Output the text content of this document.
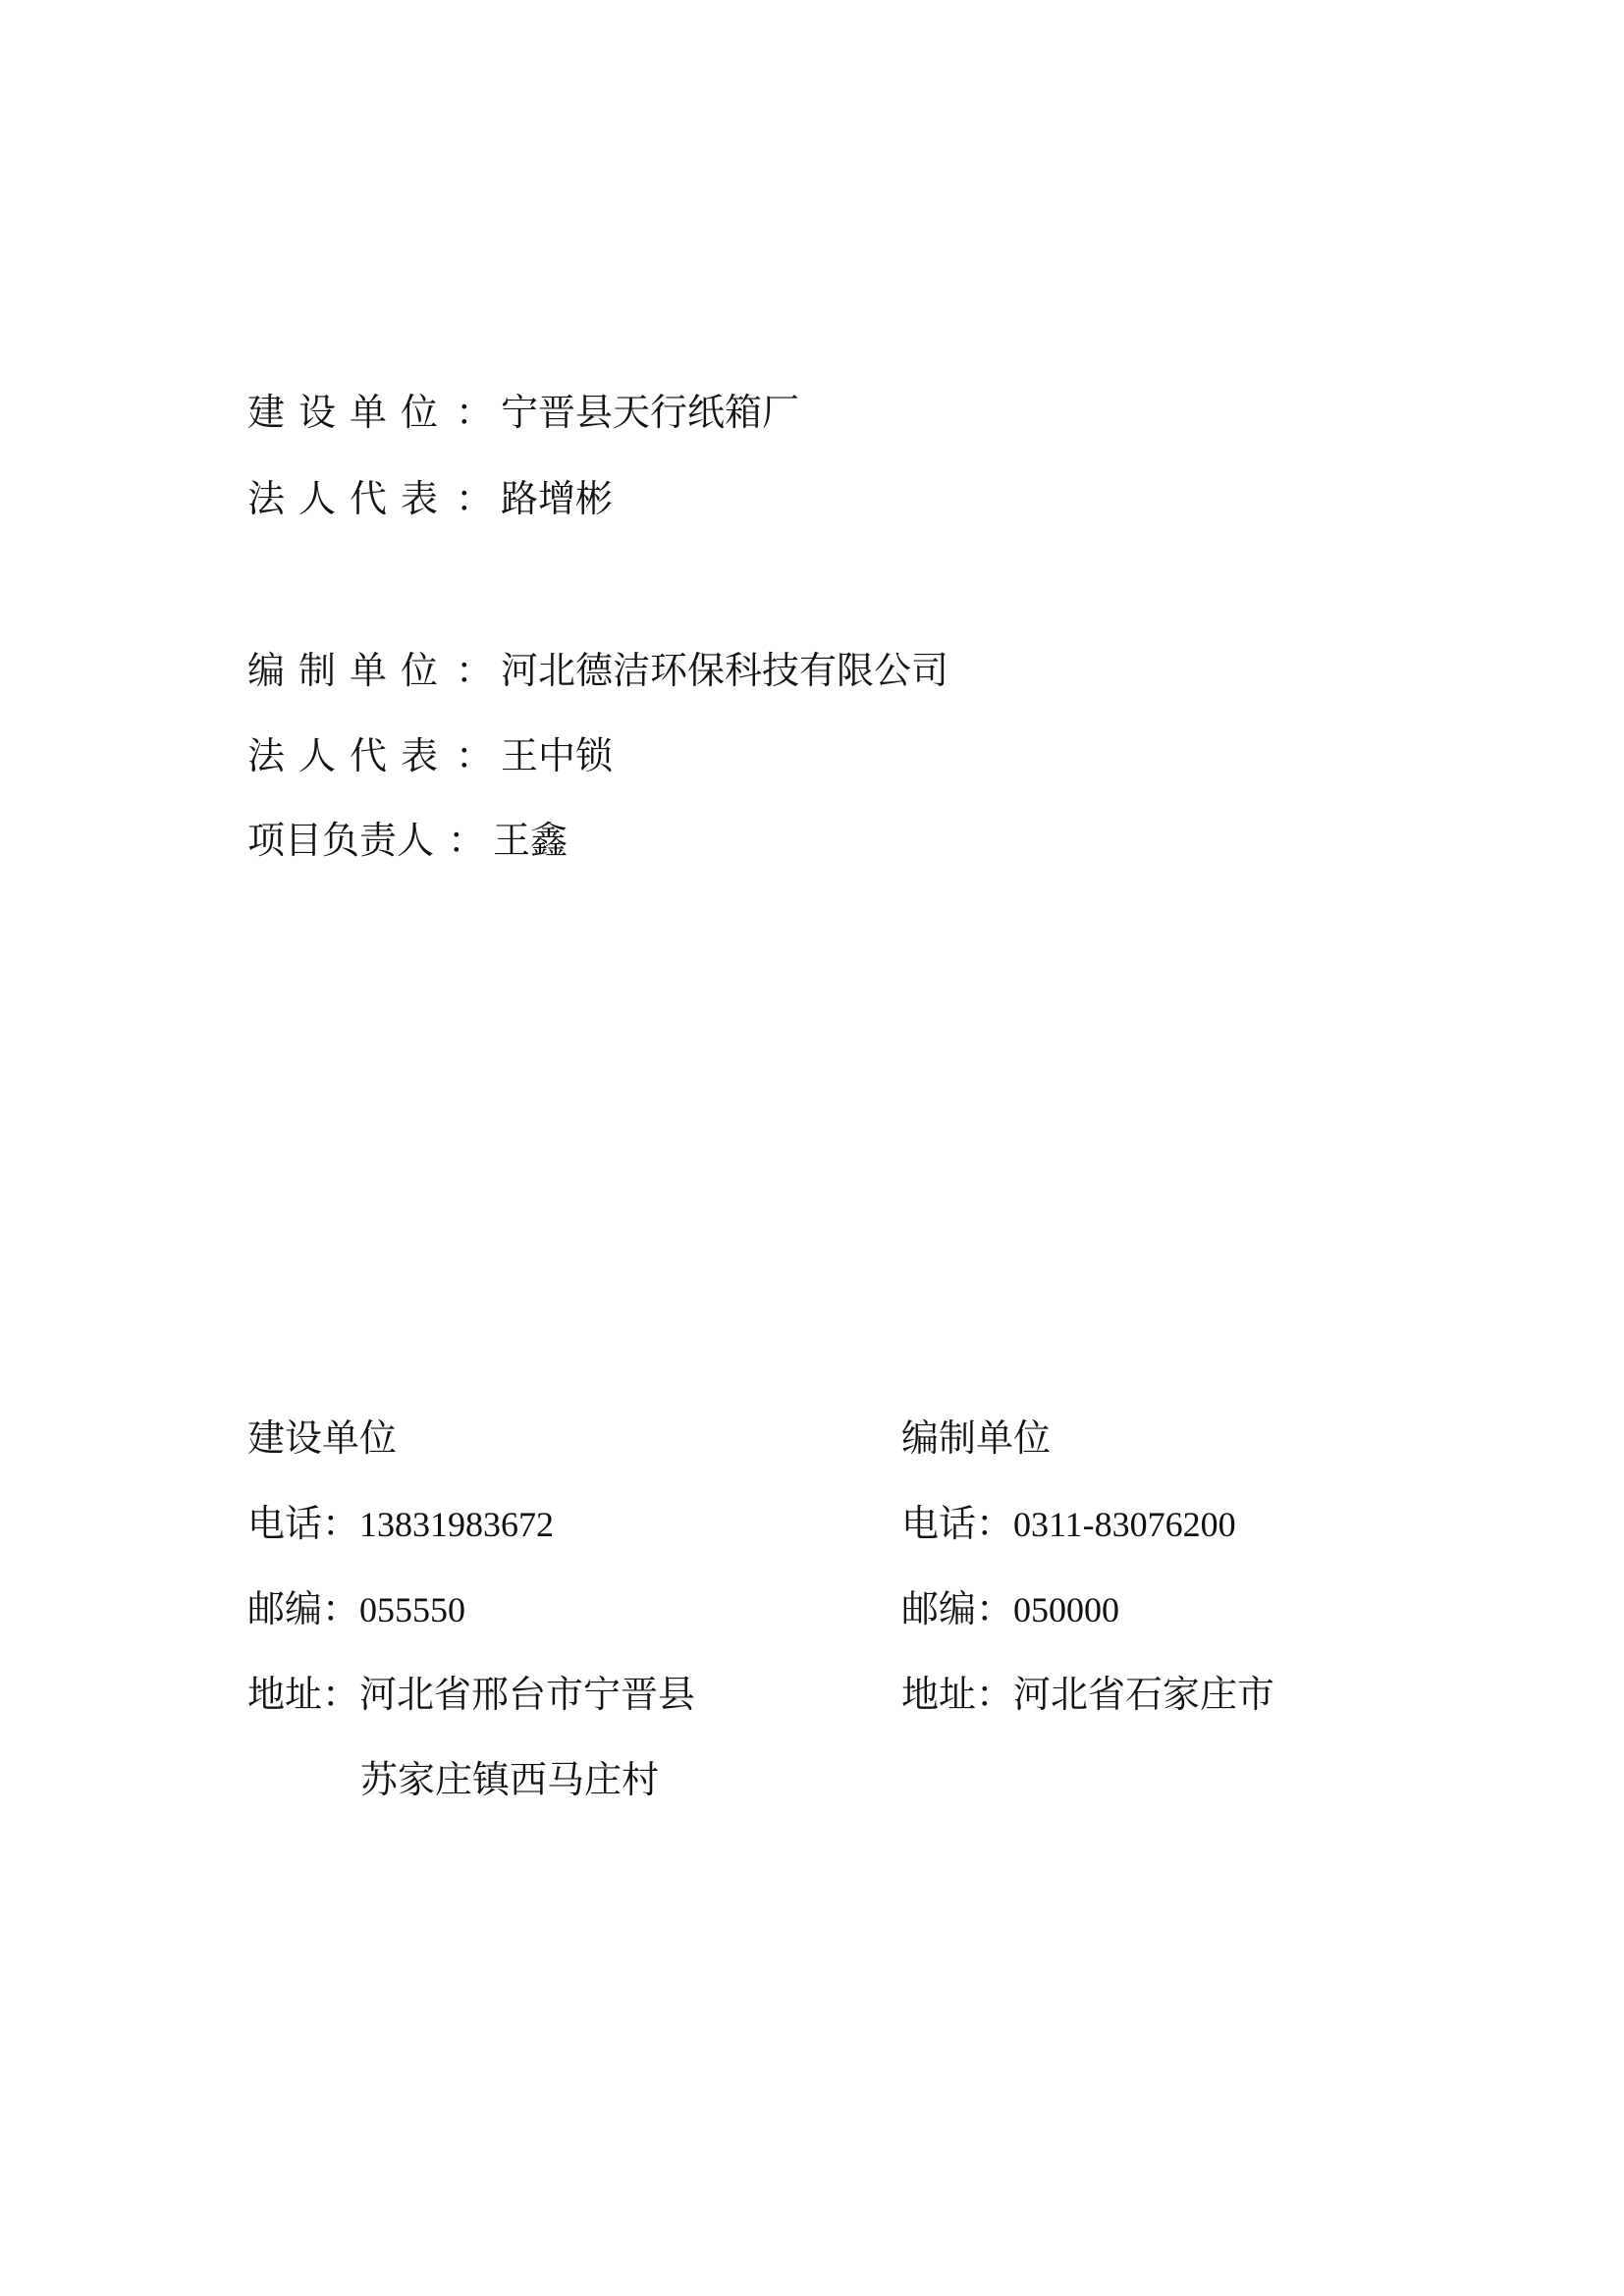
建设单位 ： 宁晋县天行纸箱厂
法人代表 ： 路增彬
编制单位 ： 河北德洁环保科技有限公司
法人代表 ： 王中锁
项目负责人 ： 王鑫
建设单位
电话：13831983672
邮编：055550
地址：河北省邢台市宁晋县
苏家庄镇西马庄村
编制单位
电话：0311-83076200
邮编：050000
地址：河北省石家庄市
